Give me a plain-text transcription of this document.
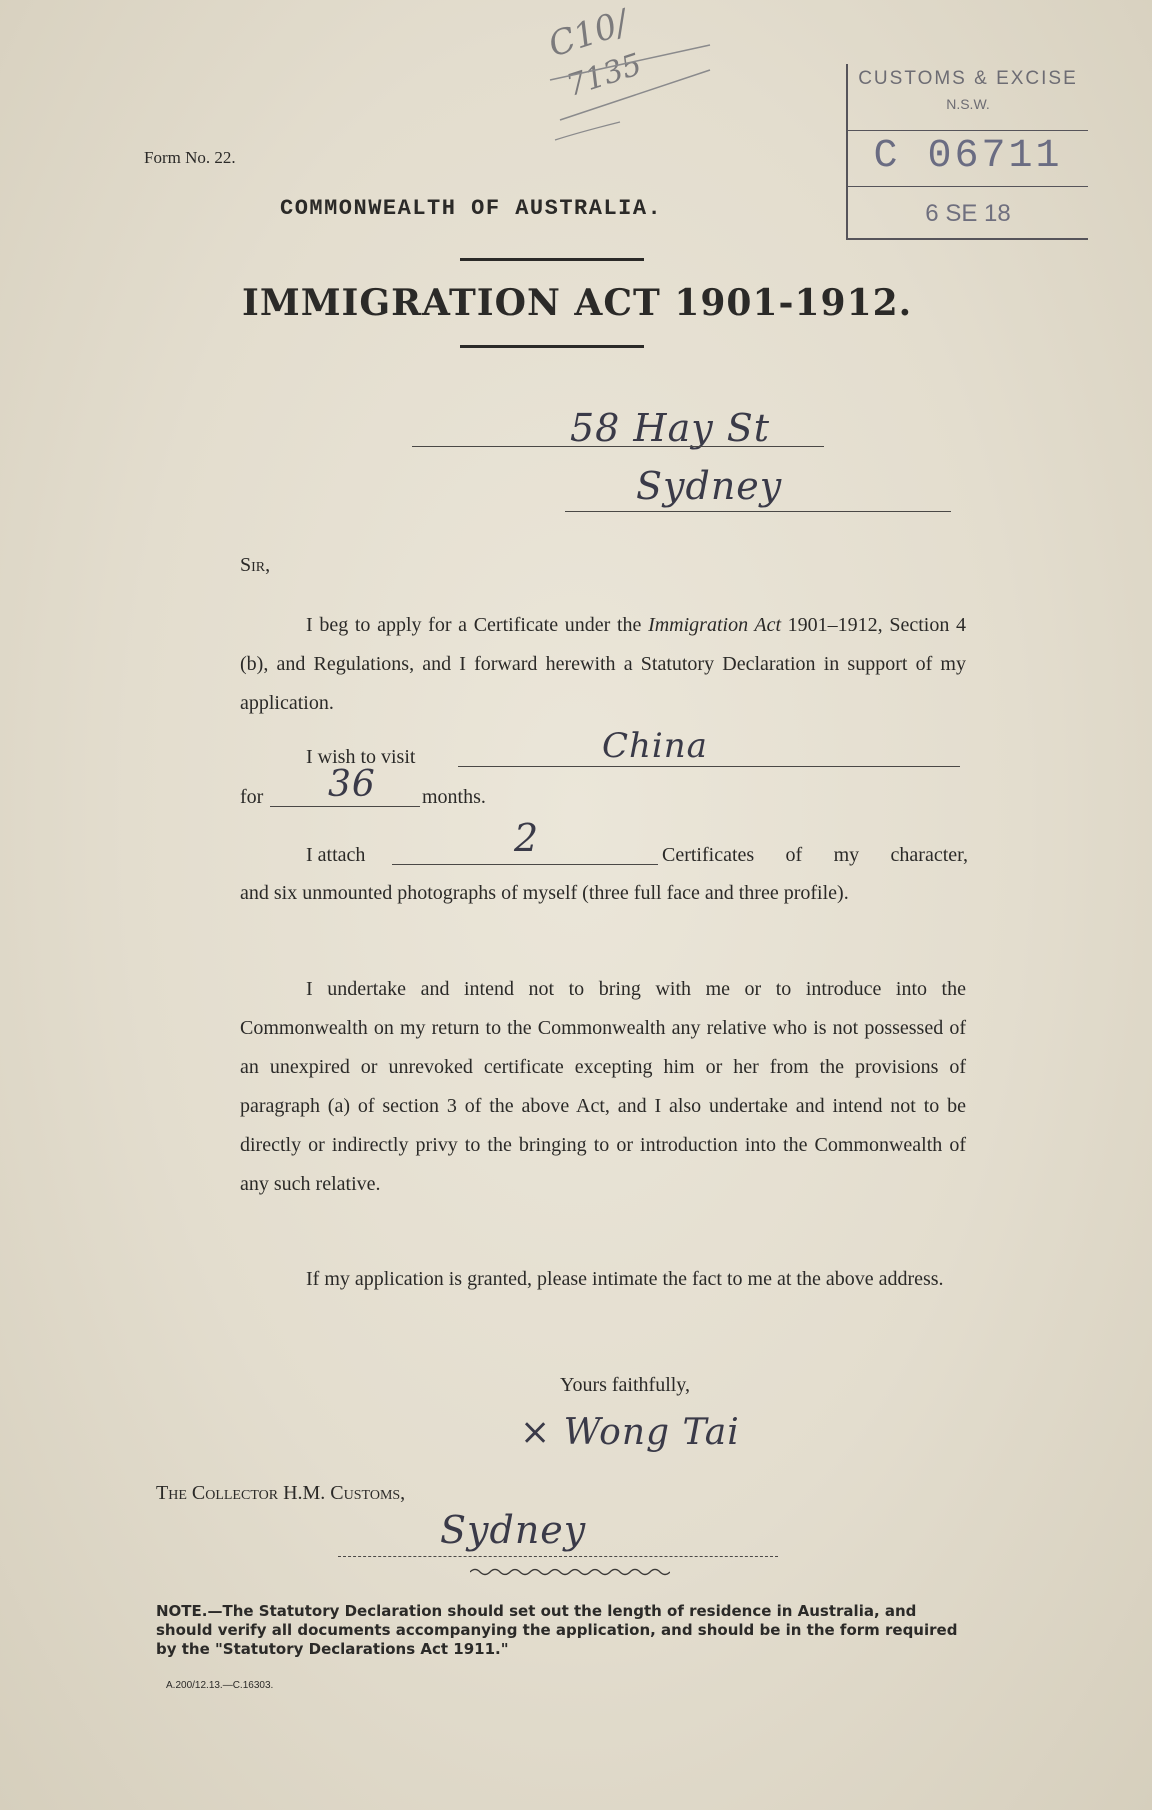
C10/
7135
Form No. 22.
CUSTOMS & EXCISE
N.S.W.
C 06711
6 SE 18
COMMONWEALTH OF AUSTRALIA.
IMMIGRATION ACT 1901-1912.
58 Hay St
Sydney
Sir,
I beg to apply for a Certificate under the Immigration Act 1901–1912, Section 4 (b), and Regulations, and I forward herewith a Statutory Declaration in support of my application.
I wish to visit	China
for 36 months.
I attach	2	Certificates of my character,
and six unmounted photographs of myself (three full face and three profile).
I undertake and intend not to bring with me or to introduce into the Commonwealth on my return to the Commonwealth any relative who is not possessed of an unexpired or unrevoked certificate excepting him or her from the provisions of paragraph (a) of section 3 of the above Act, and I also undertake and intend not to be directly or indirectly privy to the bringing to or introduction into the Commonwealth of any such relative.
If my application is granted, please intimate the fact to me at the above address.
Yours faithfully,
× Wong Tai
The Collector H.M. Customs,
Sydney
NOTE.—The Statutory Declaration should set out the length of residence in Australia, and should verify all documents accompanying the application, and should be in the form required by the "Statutory Declarations Act 1911."
A.200/12.13.—C.16303.
